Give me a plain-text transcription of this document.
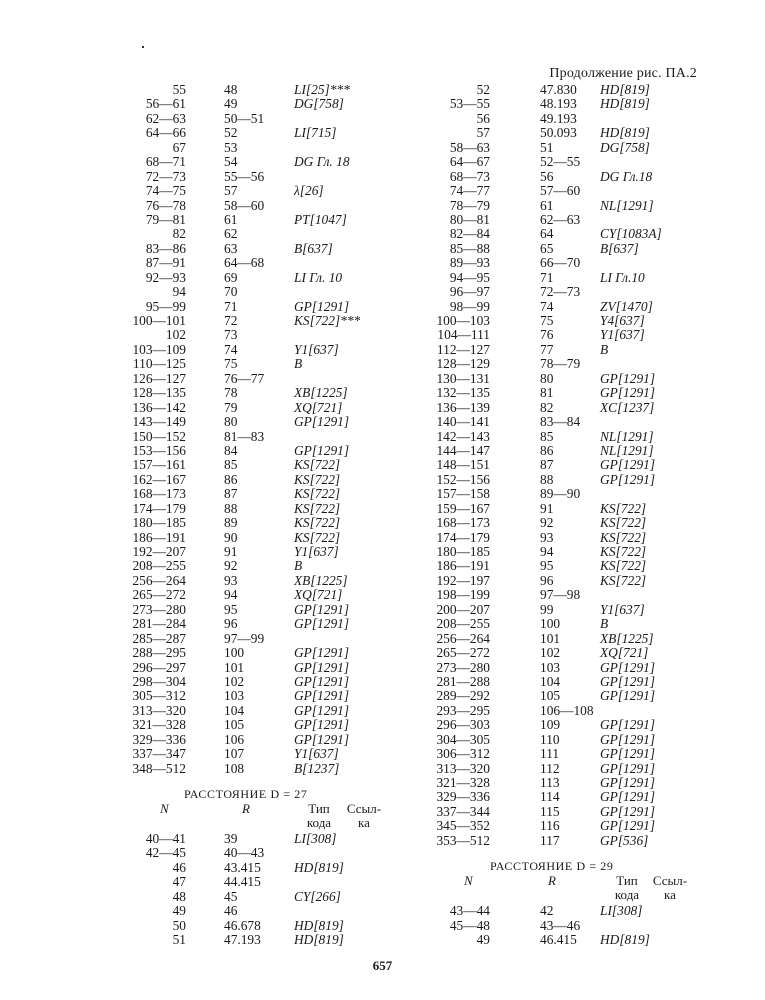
Продолжение рис. ПА.2
55	48	LI[25]***
56—61	49	DG[758]
62—63	50—51
64—66	52	LI[715]
67	53
68—71	54	DG Гл. 18
72—73	55—56
74—75	57	λ[26]
76—78	58—60
79—81	61	PT[1047]
82	62
83—86	63	B[637]
87—91	64—68
92—93	69	LI Гл. 10
94	70
95—99	71	GP[1291]
100—101	72	KS[722]***
102	73
103—109	74	Y1[637]
110—125	75	B
126—127	76—77
128—135	78	XB[1225]
136—142	79	XQ[721]
143—149	80	GP[1291]
150—152	81—83
153—156	84	GP[1291]
157—161	85	KS[722]
162—167	86	KS[722]
168—173	87	KS[722]
174—179	88	KS[722]
180—185	89	KS[722]
186—191	90	KS[722]
192—207	91	Y1[637]
208—255	92	B
256—264	93	XB[1225]
265—272	94	XQ[721]
273—280	95	GP[1291]
281—284	96	GP[1291]
285—287	97—99
288—295	100	GP[1291]
296—297	101	GP[1291]
298—304	102	GP[1291]
305—312	103	GP[1291]
313—320	104	GP[1291]
321—328	105	GP[1291]
329—336	106	GP[1291]
337—347	107	Y1[637]
348—512	108	B[1237]
РАССТОЯНИЕ D = 27
N	R	Тип кода
Ссыл- ка
40—41	39	LI[308]
42—45	40—43
46	43.415 HD[819]
47	44.415
48	45	CY[266]
49	46
50	46.678 HD[819]
51	47.193 HD[819]
52	47.830 HD[819]
53—55	48.193 HD[819]
56	49.193
57	50.093 HD[819]
58—63	51	DG[758]
64—67	52—55
68—73	56	DG Гл.18
74—77	57—60
78—79	61	NL[1291]
80—81	62—63
82—84	64	CY[1083A]
85—88	65	B[637]
89—93	66—70
94—95	71	LI Гл.10
96—97	72—73
98—99	74	ZV[1470]
100—103	75	Y4[637]
104—111	76	Y1[637]
112—127	77	B
128—129	78—79
130—131	80	GP[1291]
132—135	81	GP[1291]
136—139	82	XC[1237]
140—141	83—84
142—143	85	NL[1291]
144—147	86	NL[1291]
148—151	87	GP[1291]
152—156	88	GP[1291]
157—158	89—90
159—167	91	KS[722]
168—173	92	KS[722]
174—179	93	KS[722]
180—185	94	KS[722]
186—191	95	KS[722]
192—197	96	KS[722]
198—199	97—98
200—207	99	Y1[637]
208—255	100	B
256—264	101	XB[1225]
265—272	102	XQ[721]
273—280	103	GP[1291]
281—288	104	GP[1291]
289—292	105	GP[1291]
293—295	106—108
296—303	109	GP[1291]
304—305	110	GP[1291]
306—312	111	GP[1291]
313—320	112	GP[1291]
321—328	113	GP[1291]
329—336	114	GP[1291]
337—344	115	GP[1291]
345—352	116	GP[1291]
353—512	117	GP[536]
РАССТОЯНИЕ D = 29
N	R	Тип кода
Ссыл- ка
43—44	42	LI[308]
45—48	43—46
49	46.415 HD[819]
657
